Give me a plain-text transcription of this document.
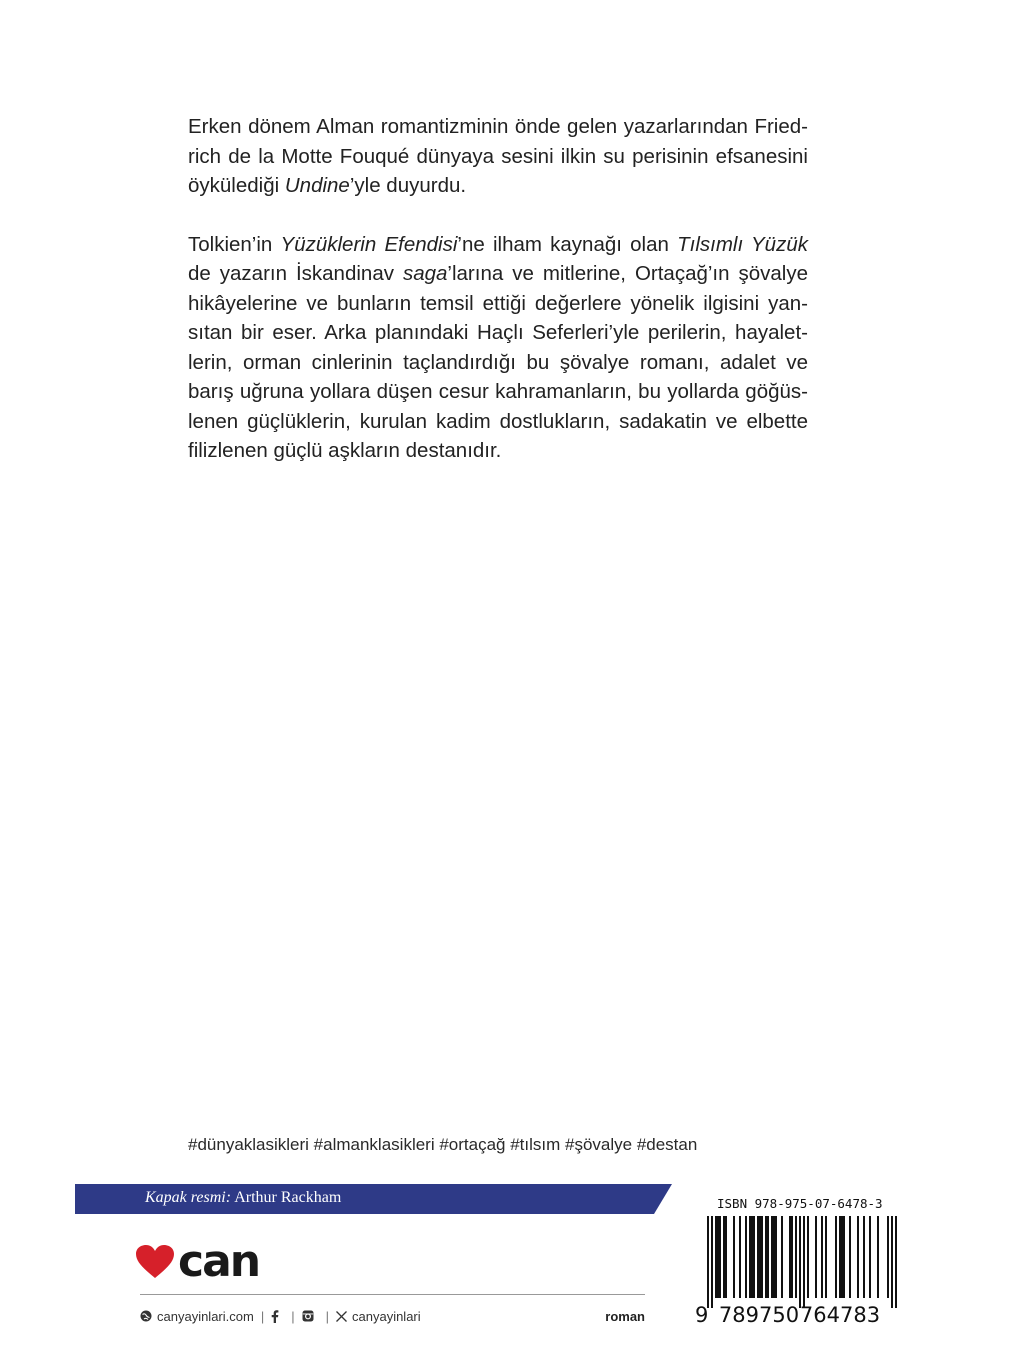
Erken dönem Alman romantizminin önde gelen yazarlarından Friedrich de la Motte Fouqué dünyaya sesini ilkin su perisinin efsanesini öykülediği Undine’yle duyurdu.

Tolkien’in Yüzüklerin Efendisi’ne ilham kaynağı olan Tılsımlı Yüzük de yazarın İskandinav saga’larına ve mitlerine, Ortaçağ’ın şövalye hikâyelerine ve bunların temsil ettiği değerlere yönelik ilgisini yansıtan bir eser. Arka planındaki Haçlı Seferleri’yle perilerin, hayaletlerin, orman cinlerinin taçlandırdığı bu şövalye romanı, adalet ve barış uğruna yollara düşen cesur kahramanların, bu yollarda göğüslenen güçlüklerin, kurulan kadim dostlukların, sadakatin ve elbette filizlenen güçlü aşkların destanıdır.

#dünyaklasikleri #almanklasikleri #ortaçağ #tılsım #şövalye #destan
Kapak resmi: Arthur Rackham
can
canyayinlari.com | | | canyayinlari	roman
ISBN 978-975-07-6478-3
9 789750 764783
